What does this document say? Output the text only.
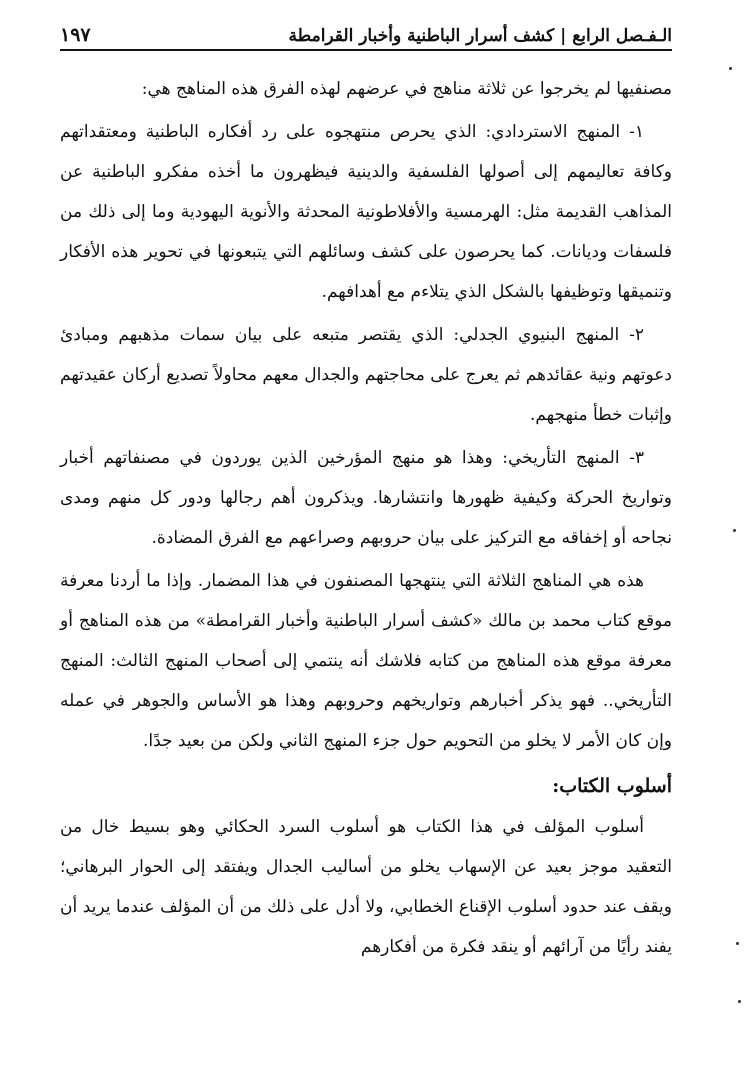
الـفـصل الرابع | كشف أسرار الباطنية وأخبار القرامطة
١٩٧

مصنفيها لم يخرجوا عن ثلاثة مناهج في عرضهم لهذه الفرق هذه المناهج هي:

١- المنهج الاستردادي: الذي يحرص منتهجوه على رد أفكاره الباطنية ومعتقداتهم وكافة تعاليمهم إلى أصولها الفلسفية والدينية فيظهرون ما أخذه مفكرو الباطنية عن المذاهب القديمة مثل: الهرمسية والأفلاطونية المحدثة والأنوية اليهودية وما إلى ذلك من فلسفات وديانات. كما يحرصون على كشف وسائلهم التي يتبعونها في تحوير هذه الأفكار وتنميقها وتوظيفها بالشكل الذي يتلاءم مع أهدافهم.

٢- المنهج البنيوي الجدلي: الذي يقتصر متبعه على بيان سمات مذهبهم ومبادئ دعوتهم ونية عقائدهم ثم يعرج على محاجتهم والجدال معهم محاولاً تصديع أركان عقيدتهم وإثبات خطأ منهجهم.

٣- المنهج التأريخي: وهذا هو منهج المؤرخين الذين يوردون في مصنفاتهم أخبار وتواريخ الحركة وكيفية ظهورها وانتشارها. ويذكرون أهم رجالها ودور كل منهم ومدى نجاحه أو إخفاقه مع التركيز على بيان حروبهم وصراعهم مع الفرق المضادة.

هذه هي المناهج الثلاثة التي ينتهجها المصنفون في هذا المضمار. وإذا ما أردنا معرفة موقع كتاب محمد بن مالك «كشف أسرار الباطنية وأخبار القرامطة» من هذه المناهج أو معرفة موقع هذه المناهج من كتابه فلاشك أنه ينتمي إلى أصحاب المنهج الثالث: المنهج التأريخي.. فهو يذكر أخبارهم وتواريخهم وحروبهم وهذا هو الأساس والجوهر في عمله وإن كان الأمر لا يخلو من التحويم حول جزء المنهج الثاني ولكن من بعيد جدًا.

أسلوب الكتاب:

أسلوب المؤلف في هذا الكتاب هو أسلوب السرد الحكائي وهو بسيط خال من التعقيد موجز بعيد عن الإسهاب يخلو من أساليب الجدال ويفتقد إلى الحوار البرهاني؛ ويقف عند حدود أسلوب الإقناع الخطابي، ولا أدل على ذلك من أن المؤلف عندما يريد أن يفند رأيًا من آرائهم أو ينقد فكرة من أفكارهم
